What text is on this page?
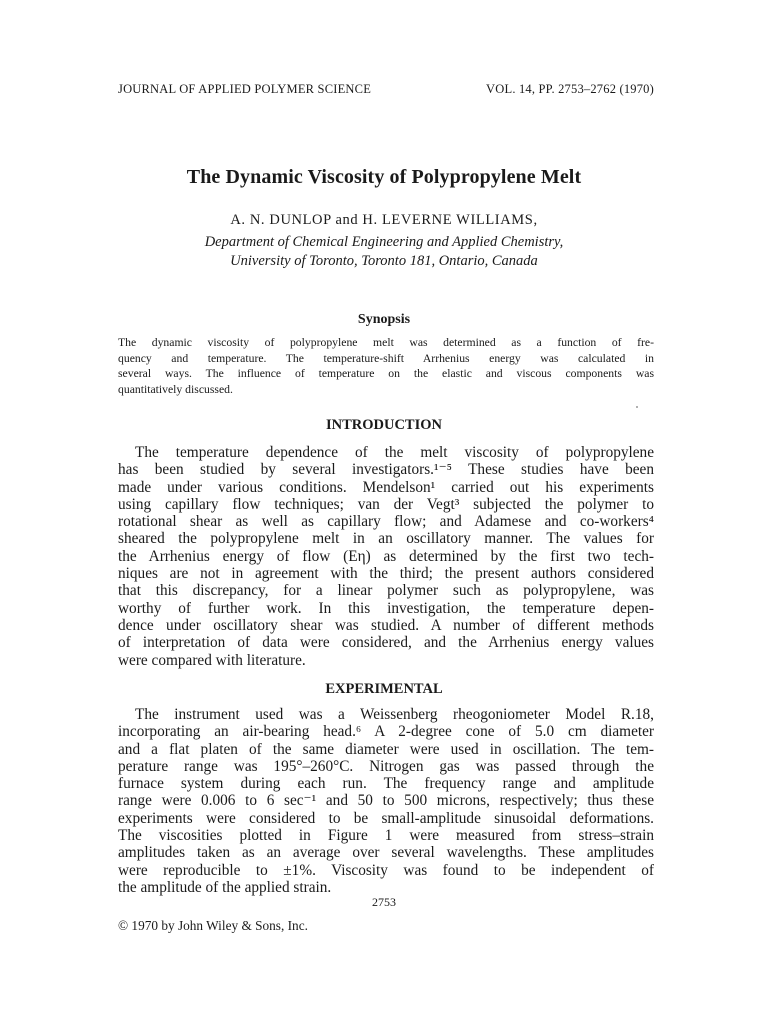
JOURNAL OF APPLIED POLYMER SCIENCE	VOL. 14, PP. 2753–2762 (1970)
The Dynamic Viscosity of Polypropylene Melt
A. N. DUNLOP and H. LEVERNE WILLIAMS,
Department of Chemical Engineering and Applied Chemistry,
University of Toronto, Toronto 181, Ontario, Canada
Synopsis
The dynamic viscosity of polypropylene melt was determined as a function of fre-
quency and temperature. The temperature-shift Arrhenius energy was calculated in
several ways. The influence of temperature on the elastic and viscous components was
quantitatively discussed.
INTRODUCTION
The temperature dependence of the melt viscosity of polypropylene
has been studied by several investigators.¹⁻⁵ These studies have been
made under various conditions. Mendelson¹ carried out his experiments
using capillary flow techniques; van der Vegt³ subjected the polymer to
rotational shear as well as capillary flow; and Adamese and co-workers⁴
sheared the polypropylene melt in an oscillatory manner. The values for
the Arrhenius energy of flow (Eη) as determined by the first two tech-
niques are not in agreement with the third; the present authors considered
that this discrepancy, for a linear polymer such as polypropylene, was
worthy of further work. In this investigation, the temperature depen-
dence under oscillatory shear was studied. A number of different methods
of interpretation of data were considered, and the Arrhenius energy values
were compared with literature.
EXPERIMENTAL
The instrument used was a Weissenberg rheogoniometer Model R.18,
incorporating an air-bearing head.⁶ A 2-degree cone of 5.0 cm diameter
and a flat platen of the same diameter were used in oscillation. The tem-
perature range was 195°–260°C. Nitrogen gas was passed through the
furnace system during each run. The frequency range and amplitude
range were 0.006 to 6 sec⁻¹ and 50 to 500 microns, respectively; thus these
experiments were considered to be small-amplitude sinusoidal deformations.
The viscosities plotted in Figure 1 were measured from stress–strain
amplitudes taken as an average over several wavelengths. These amplitudes
were reproducible to ±1%. Viscosity was found to be independent of
the amplitude of the applied strain.
2753
© 1970 by John Wiley & Sons, Inc.
